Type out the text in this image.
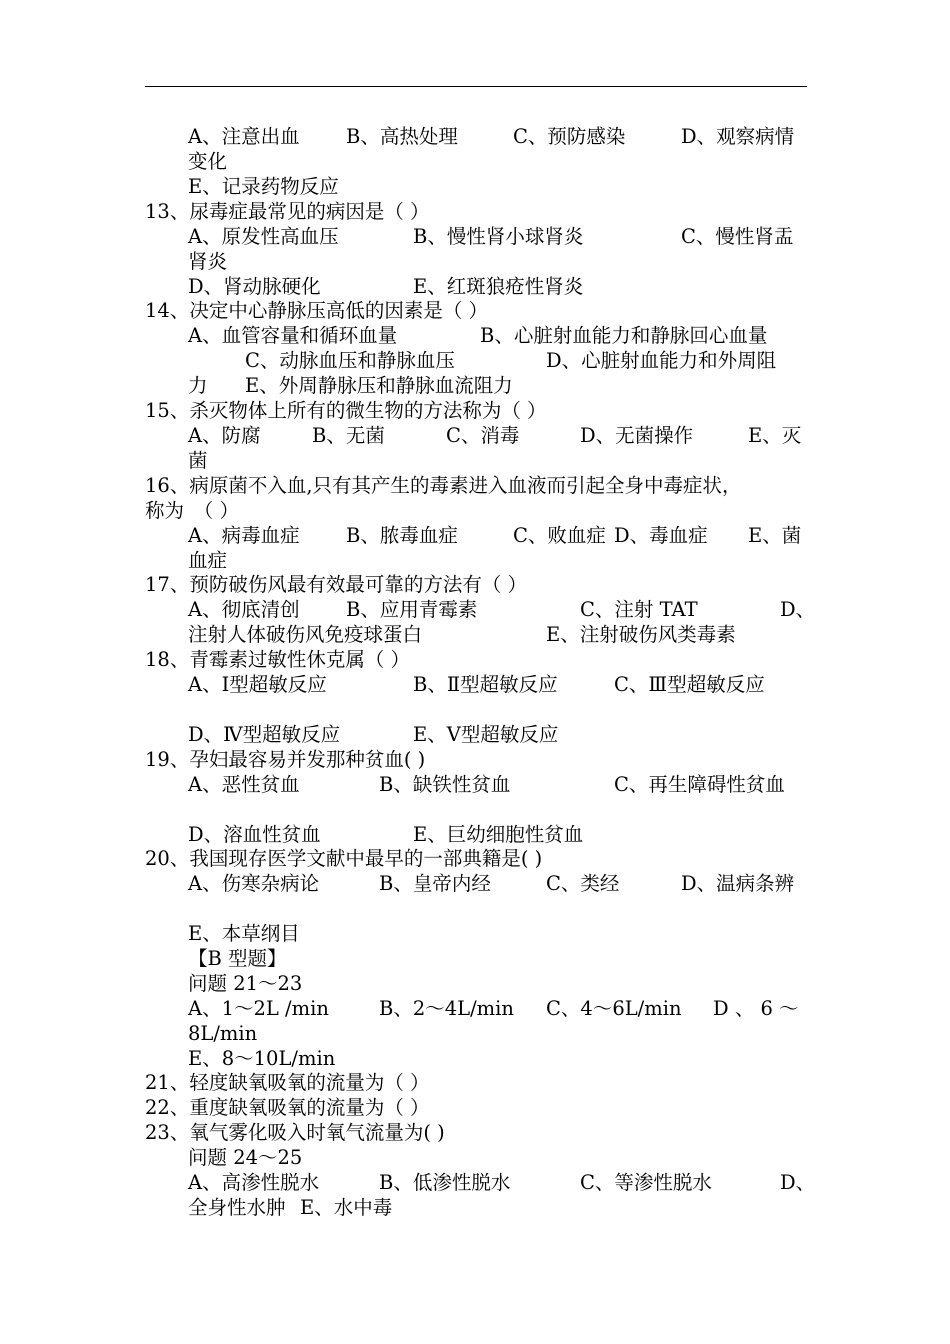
A、注意出血 B、高热处理	C、预防感染	D、观察病情
变化
E、记录药物反应
13、尿毒症最常见的病因是（ ）
A、原发性高血压	B、慢性肾小球肾炎	C、慢性肾盂
肾炎
D、肾动脉硬化	E、红斑狼疮性肾炎
14、决定中心静脉压高低的因素是（ ）
A、血管容量和循环血量	B、心脏射血能力和静脉回心血量
C、动脉血压和静脉血压	D、心脏射血能力和外周阻
力 E、外周静脉压和静脉血流阻力
15、杀灭物体上所有的微生物的方法称为（ ）
A、防腐	B、无菌	C、消毒	D、无菌操作	E、灭
菌
16、病原菌不入血,只有其产生的毒素进入血液而引起全身中毒症状，
称为　（ ）
A、病毒血症 B、脓毒血症	C、败血症 D、毒血症 E、菌
血症
17、预防破伤风最有效最可靠的方法有（ ）
A、彻底清创 B、应用青霉素	C、注射 TAT	D、
注射人体破伤风免疫球蛋白	E、注射破伤风类毒素
18、青霉素过敏性休克属（ ）
A、Ⅰ型超敏反应	B、Ⅱ型超敏反应	C、Ⅲ型超敏反应
D、Ⅳ型超敏反应	E、Ⅴ型超敏反应
19、孕妇最容易并发那种贫血( )
A、恶性贫血	B、缺铁性贫血	C、再生障碍性贫血
D、溶血性贫血	E、巨幼细胞性贫血
20、我国现存医学文献中最早的一部典籍是( )
A、伤寒杂病论	B、皇帝内经	C、类经	D、温病条辨
E、本草纲目
【B 型题】
问题 21～23
A、1～2L /min	B、2～4L/min C、4～6L/min D 、 6 ～
8L/min
E、8～10L/min
21、轻度缺氧吸氧的流量为（ ）
22、重度缺氧吸氧的流量为（ ）
23、氧气雾化吸入时氧气流量为( )
问题 24～25
A、高渗性脱水	B、低渗性脱水	C、等渗性脱水	D、
全身性水肿 E、水中毒
